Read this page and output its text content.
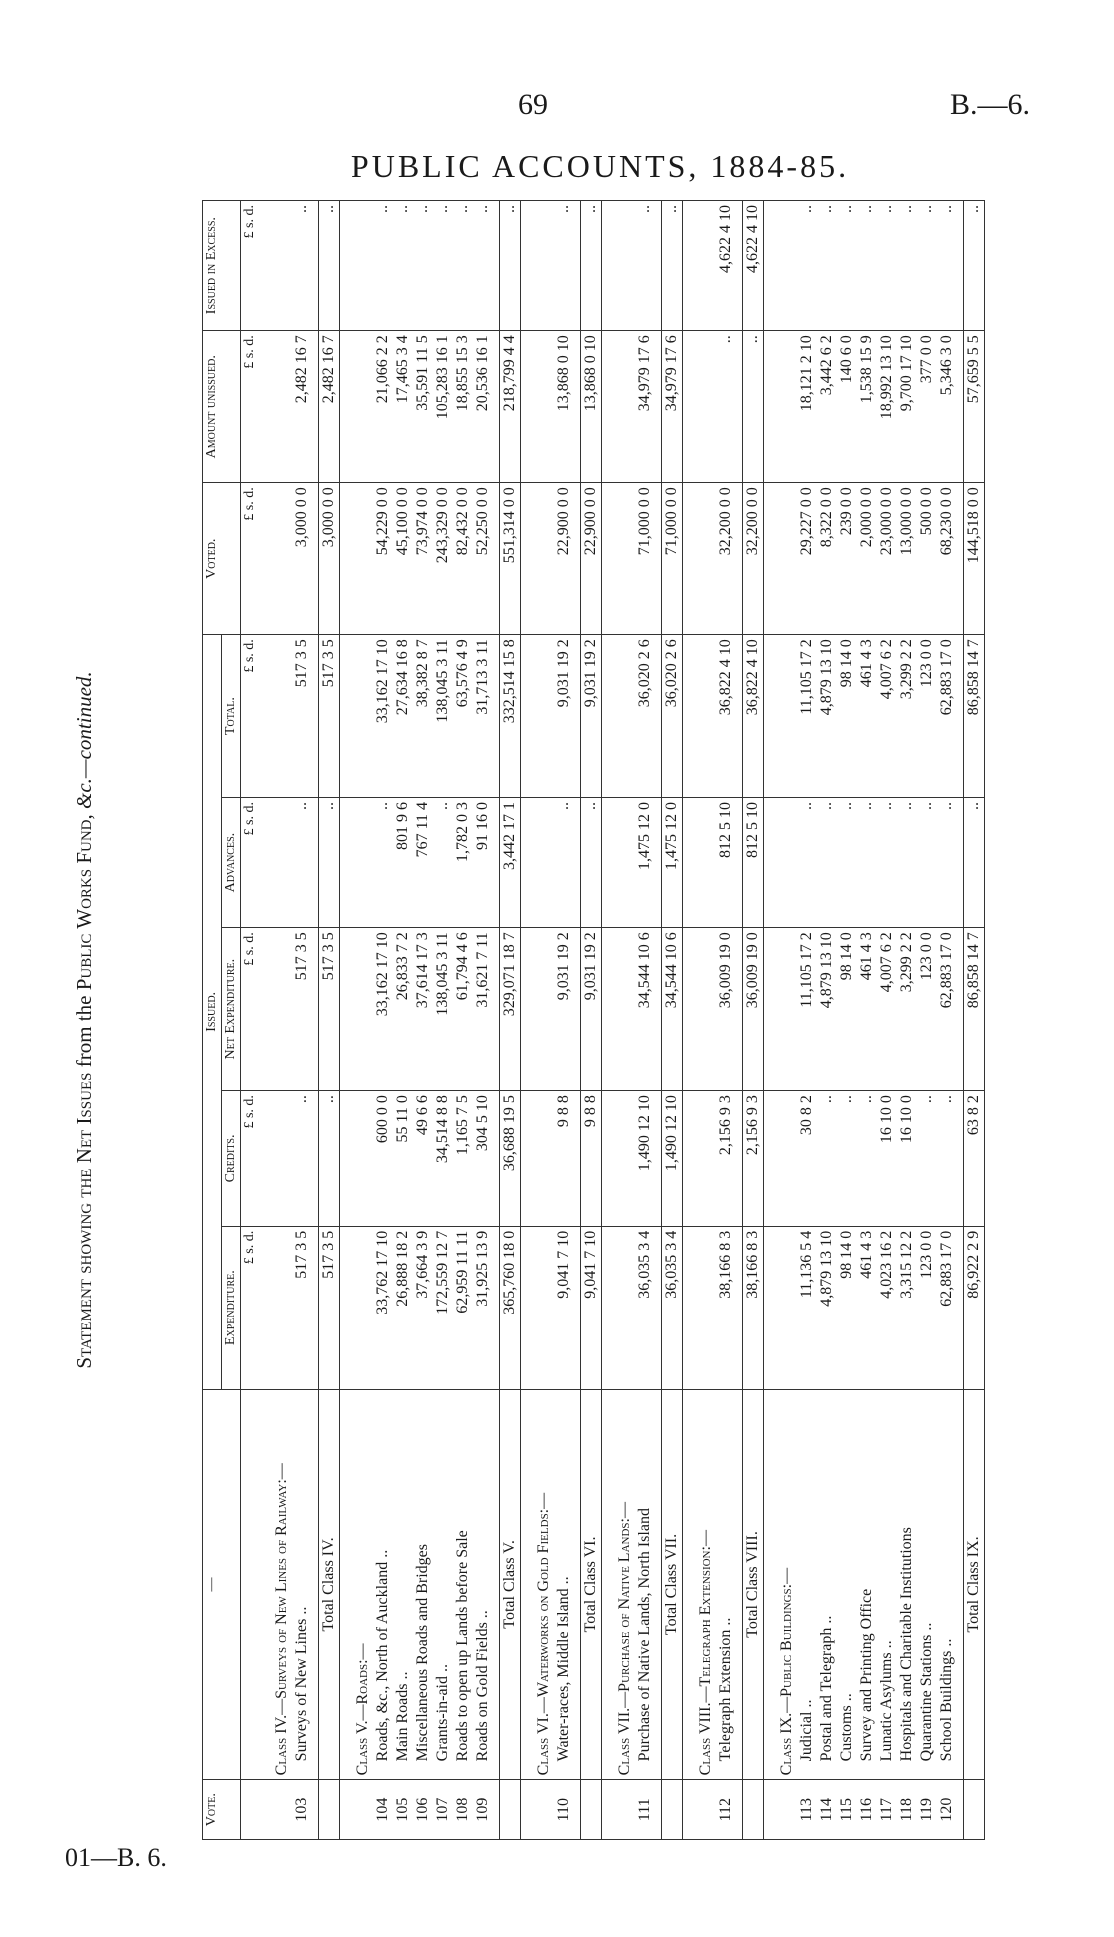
69	B.—6.
PUBLIC ACCOUNTS, 1884-85.
Statement showing the Net Issues from the Public Works Fund, &c.—continued.
Vote.	—	Issued.					Voted.	Amount unissued.	Issued in Excess.
		Expenditure.	Credits.	Net Expenditure.	Advances.	Total.			
		£ s. d.	£ s. d.	£ s. d.	£ s. d.	£ s. d.	£ s. d.	£ s. d.	£ s. d.
	Class IV.—Surveys of New Lines of Railway:—								
103	Surveys of New Lines ..	517 3 5	..	517 3 5	..	517 3 5	3,000 0 0	2,482 16 7	..

	Total Class IV.	517 3 5	..	517 3 5	..	517 3 5	3,000 0 0	2,482 16 7	..
	Class V.—Roads:—								
104	Roads, &c., North of Auckland ..	33,762 17 10	600 0 0	33,162 17 10	..	33,162 17 10	54,229 0 0	21,066 2 2	..
105	Main Roads ..	26,888 18 2	55 11 0	26,833 7 2	801 9 6	27,634 16 8	45,100 0 0	17,465 3 4	..
106	Miscellaneous Roads and Bridges	37,664 3 9	49 6 6	37,614 17 3	767 11 4	38,382 8 7	73,974 0 0	35,591 11 5	..
107	Grants-in-aid ..	172,559 12 7	34,514 8 8	138,045 3 11	..	138,045 3 11	243,329 0 0	105,283 16 1	..
108	Roads to open up Lands before Sale	62,959 11 11	1,165 7 5	61,794 4 6	1,782 0 3	63,576 4 9	82,432 0 0	18,855 15 3	..
109	Roads on Gold Fields ..	31,925 13 9	304 5 10	31,621 7 11	91 16 0	31,713 3 11	52,250 0 0	20,536 16 1	..

	Total Class V.	365,760 18 0	36,688 19 5	329,071 18 7	3,442 17 1	332,514 15 8	551,314 0 0	218,799 4 4	..
	Class VI.—Waterworks on Gold Fields:—								
110	Water-races, Middle Island ..	9,041 7 10	9 8 8	9,031 19 2	..	9,031 19 2	22,900 0 0	13,868 0 10	..

	Total Class VI.	9,041 7 10	9 8 8	9,031 19 2	..	9,031 19 2	22,900 0 0	13,868 0 10	..
	Class VII.—Purchase of Native Lands:—								
111	Purchase of Native Lands, North Island	36,035 3 4	1,490 12 10	34,544 10 6	1,475 12 0	36,020 2 6	71,000 0 0	34,979 17 6	..

	Total Class VII.	36,035 3 4	1,490 12 10	34,544 10 6	1,475 12 0	36,020 2 6	71,000 0 0	34,979 17 6	..
	Class VIII.—Telegraph Extension:—								
112	Telegraph Extension ..	38,166 8 3	2,156 9 3	36,009 19 0	812 5 10	36,822 4 10	32,200 0 0	..	4,622 4 10

	Total Class VIII.	38,166 8 3	2,156 9 3	36,009 19 0	812 5 10	36,822 4 10	32,200 0 0	..	4,622 4 10
	Class IX.—Public Buildings:—								
113	Judicial ..	11,136 5 4	30 8 2	11,105 17 2	..	11,105 17 2	29,227 0 0	18,121 2 10	..
114	Postal and Telegraph ..	4,879 13 10	..	4,879 13 10	..	4,879 13 10	8,322 0 0	3,442 6 2	..
115	Customs ..	98 14 0	..	98 14 0	..	98 14 0	239 0 0	140 6 0	..
116	Survey and Printing Office	461 4 3	..	461 4 3	..	461 4 3	2,000 0 0	1,538 15 9	..
117	Lunatic Asylums ..	4,023 16 2	16 10 0	4,007 6 2	..	4,007 6 2	23,000 0 0	18,992 13 10	..
118	Hospitals and Charitable Institutions	3,315 12 2	16 10 0	3,299 2 2	..	3,299 2 2	13,000 0 0	9,700 17 10	..
119	Quarantine Stations ..	123 0 0	..	123 0 0	..	123 0 0	500 0 0	377 0 0	..
120	School Buildings ..	62,883 17 0	..	62,883 17 0	..	62,883 17 0	68,230 0 0	5,346 3 0	..

	Total Class IX.	86,922 2 9	63 8 2	86,858 14 7	..	86,858 14 7	144,518 0 0	57,659 5 5	..
01—B. 6.
